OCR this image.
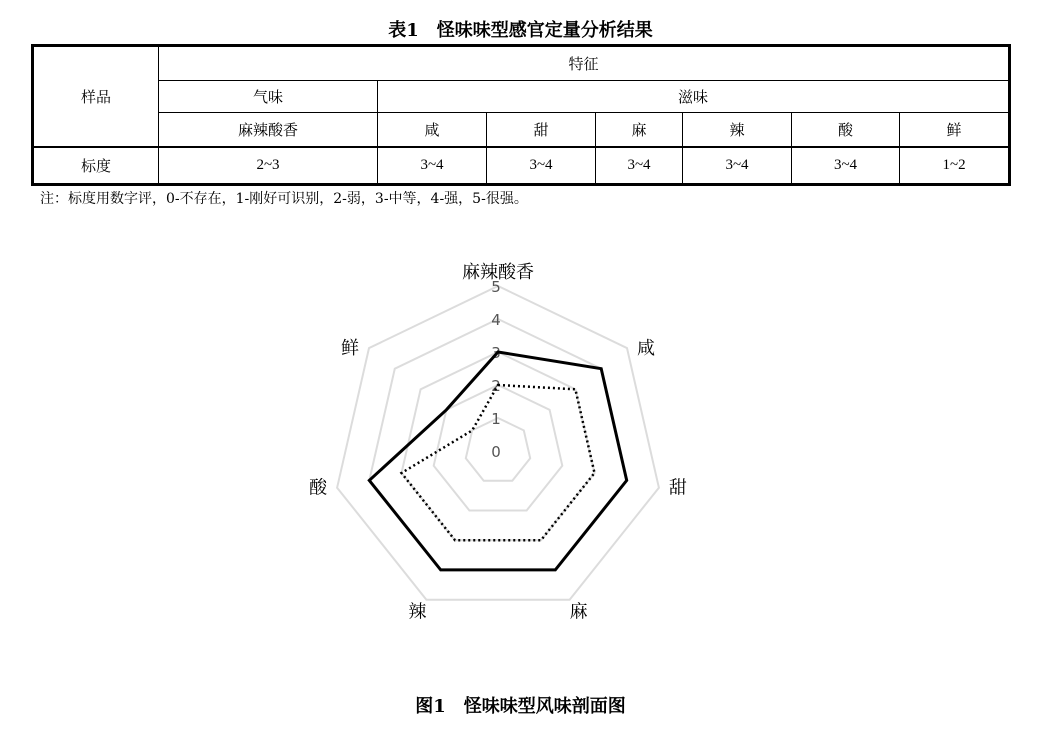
表1　怪味味型感官定量分析结果
样品	特征						
	气味	滋味					
	麻辣酸香	咸	甜	麻	辣	酸	鲜
标度	2~3	3~4	3~4	3~4	3~4	3~4	1~2
注：标度用数字评，0-不存在，1-刚好可识别，2-弱，3-中等，4-强，5-很强。
0
1
2
3
4
5
麻辣酸香
咸
甜
麻
辣
酸
鲜
图1　怪味味型风味剖面图
